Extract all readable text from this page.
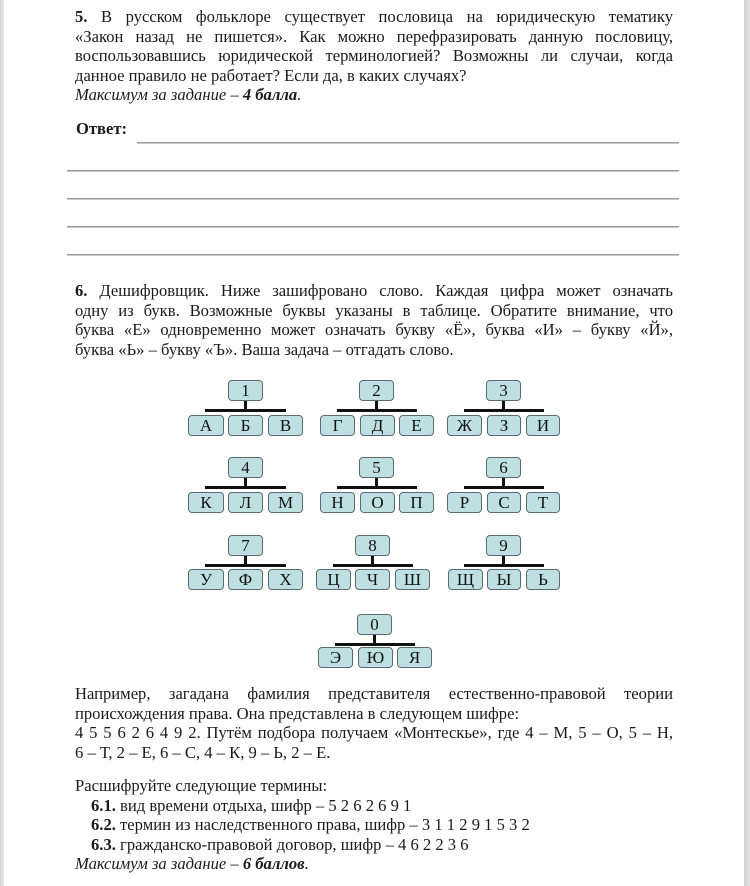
5. В русском фольклоре существует пословица на юридическую тематику
«Закон назад не пишется». Как можно перефразировать данную пословицу,
воспользовавшись юридической терминологией? Возможны ли случаи, когда
данное правило не работает? Если да, в каких случаях?
Максимум за задание – 4 балла.
Ответ:
6. Дешифровщик. Ниже зашифровано слово. Каждая цифра может означать
одну из букв. Возможные буквы указаны в таблице. Обратите внимание, что
буква «Е» одновременно может означать букву «Ё», буква «И» – букву «Й»,
буква «Ь» – букву «Ъ». Ваша задача – отгадать слово.
1
А	Б	В
2
Г	Д	Е
3
Ж	З	И
4
К	Л	М
5
Н	О	П
6
Р	С	Т
7
У	Ф	Х
8
Ц	Ч	Ш
9
Щ	Ы	Ь
0
Э	Ю	Я
Например, загадана фамилия представителя естественно-правовой теории
происхождения права. Она представлена в следующем шифре:
4 5 5 6 2 6 4 9 2. Путём подбора получаем «Монтескье», где 4 – М, 5 – О, 5 – Н,
6 – Т, 2 – Е, 6 – С, 4 – К, 9 – Ь, 2 – Е.
Расшифруйте следующие термины:
6.1. вид времени отдыха, шифр – 5 2 6 2 6 9 1
6.2. термин из наследственного права, шифр – 3 1 1 2 9 1 5 3 2
6.3. гражданско-правовой договор, шифр – 4 6 2 2 3 6
Максимум за задание – 6 баллов.
